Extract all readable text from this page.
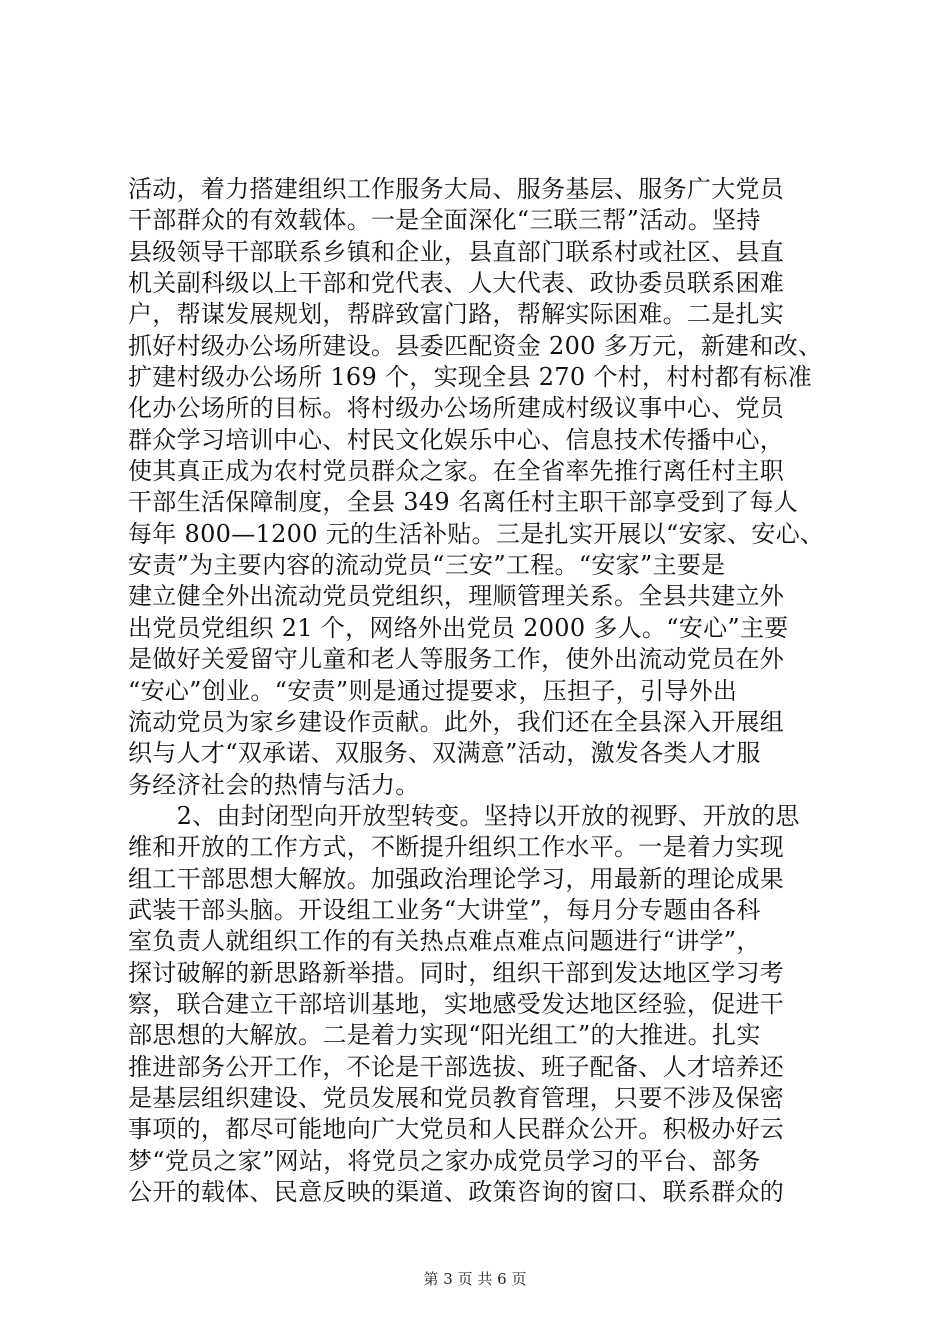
活动，着力搭建组织工作服务大局、服务基层、服务广大党员
干部群众的有效载体。一是全面深化“三联三帮”活动。坚持
县级领导干部联系乡镇和企业，县直部门联系村或社区、县直
机关副科级以上干部和党代表、人大代表、政协委员联系困难
户，帮谋发展规划，帮辟致富门路，帮解实际困难。二是扎实
抓好村级办公场所建设。县委匹配资金 200 多万元，新建和改、
扩建村级办公场所 169 个，实现全县 270 个村，村村都有标准
化办公场所的目标。将村级办公场所建成村级议事中心、党员
群众学习培训中心、村民文化娱乐中心、信息技术传播中心，
使其真正成为农村党员群众之家。在全省率先推行离任村主职
干部生活保障制度，全县 349 名离任村主职干部享受到了每人
每年 800—1200 元的生活补贴。三是扎实开展以“安家、安心、
安责”为主要内容的流动党员“三安”工程。“安家”主要是
建立健全外出流动党员党组织，理顺管理关系。全县共建立外
出党员党组织 21 个，网络外出党员 2000 多人。“安心”主要
是做好关爱留守儿童和老人等服务工作，使外出流动党员在外
“安心”创业。“安责”则是通过提要求，压担子，引导外出
流动党员为家乡建设作贡献。此外，我们还在全县深入开展组
织与人才“双承诺、双服务、双满意”活动，激发各类人才服
务经济社会的热情与活力。
　　2、由封闭型向开放型转变。坚持以开放的视野、开放的思
维和开放的工作方式，不断提升组织工作水平。一是着力实现
组工干部思想大解放。加强政治理论学习，用最新的理论成果
武装干部头脑。开设组工业务“大讲堂”，每月分专题由各科
室负责人就组织工作的有关热点难点难点问题进行“讲学”，
探讨破解的新思路新举措。同时，组织干部到发达地区学习考
察，联合建立干部培训基地，实地感受发达地区经验，促进干
部思想的大解放。二是着力实现“阳光组工”的大推进。扎实
推进部务公开工作，不论是干部选拔、班子配备、人才培养还
是基层组织建设、党员发展和党员教育管理，只要不涉及保密
事项的，都尽可能地向广大党员和人民群众公开。积极办好云
梦“党员之家”网站，将党员之家办成党员学习的平台、部务
公开的载体、民意反映的渠道、政策咨询的窗口、联系群众的
第 3 页 共 6 页
